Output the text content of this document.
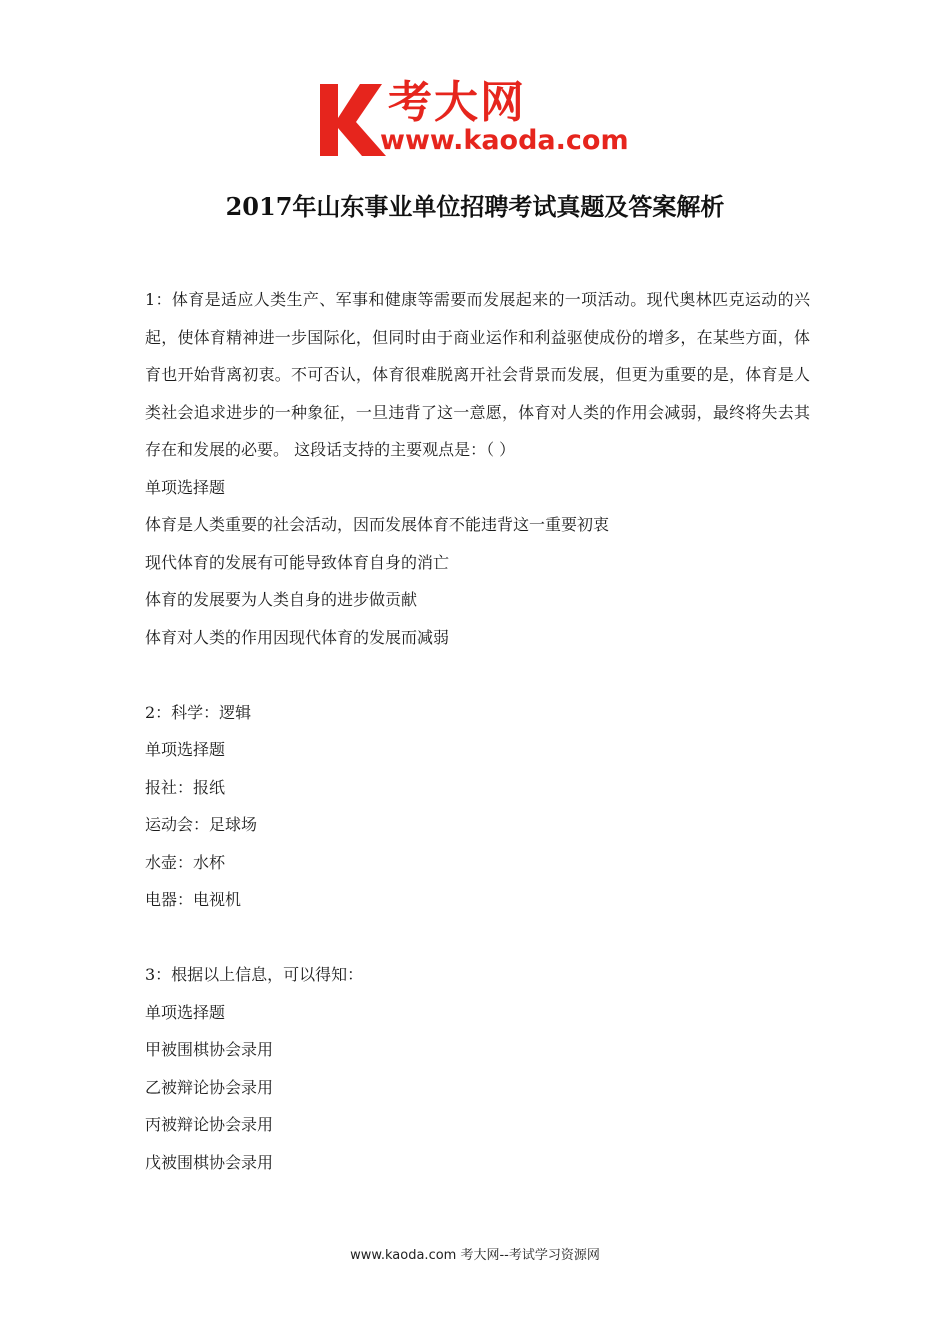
考大网
www.kaoda.com
2017年山东事业单位招聘考试真题及答案解析

1：体育是适应人类生产、军事和健康等需要而发展起来的一项活动。现代奥林匹克运动的兴起，使体育精神进一步国际化，但同时由于商业运作和利益驱使成份的增多，在某些方面，体育也开始背离初衷。不可否认，体育很难脱离开社会背景而发展，但更为重要的是，体育是人类社会追求进步的一种象征，一旦违背了这一意愿，体育对人类的作用会减弱，最终将失去其存在和发展的必要。 这段话支持的主要观点是：（ ）

单项选择题

体育是人类重要的社会活动，因而发展体育不能违背这一重要初衷

现代体育的发展有可能导致体育自身的消亡

体育的发展要为人类自身的进步做贡献

体育对人类的作用因现代体育的发展而减弱

2：科学：逻辑

单项选择题

报社：报纸

运动会：足球场

水壶：水杯

电器：电视机

3：根据以上信息，可以得知：

单项选择题

甲被围棋协会录用

乙被辩论协会录用

丙被辩论协会录用

戊被围棋协会录用

www.kaoda.com 考大网--考试学习资源网
